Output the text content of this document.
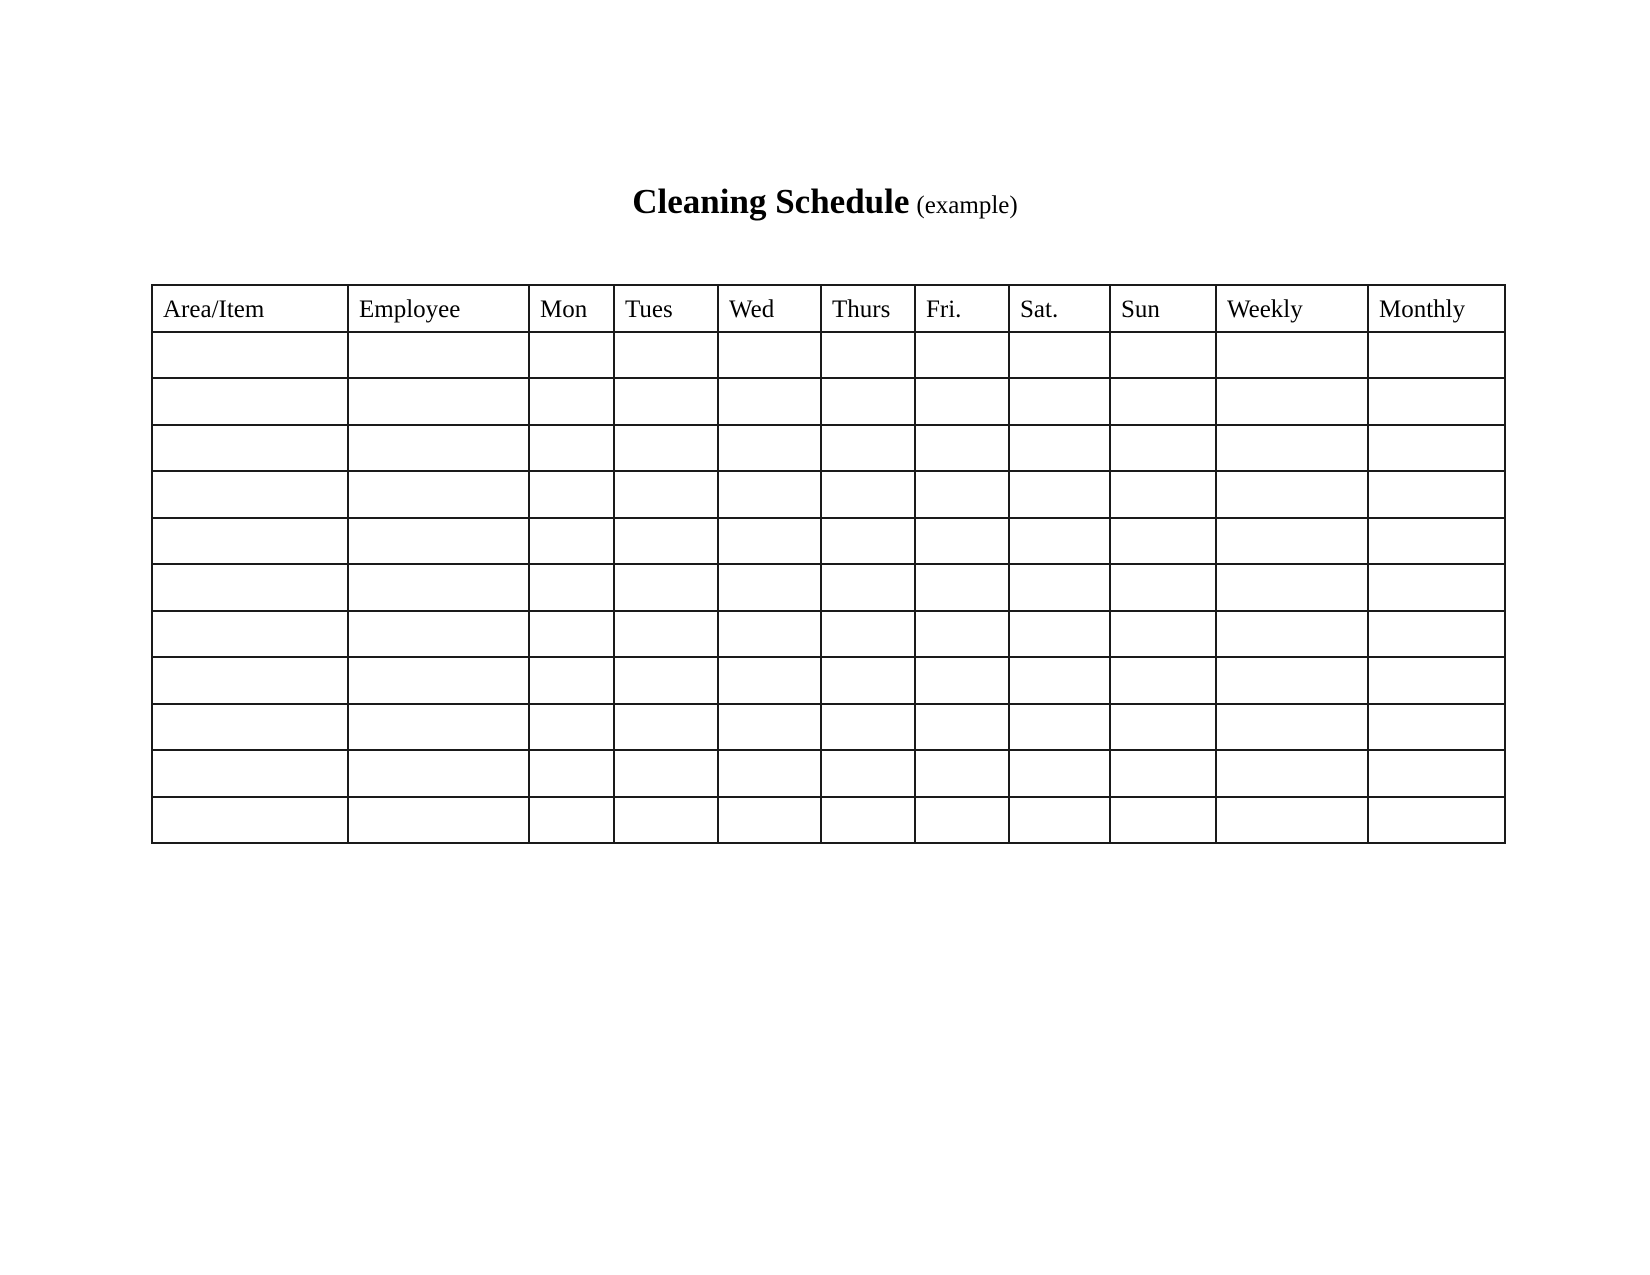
Cleaning Schedule (example)
Area/Item	Employee	Mon	Tues	Wed	Thurs	Fri.	Sat.	Sun	Weekly	Monthly
